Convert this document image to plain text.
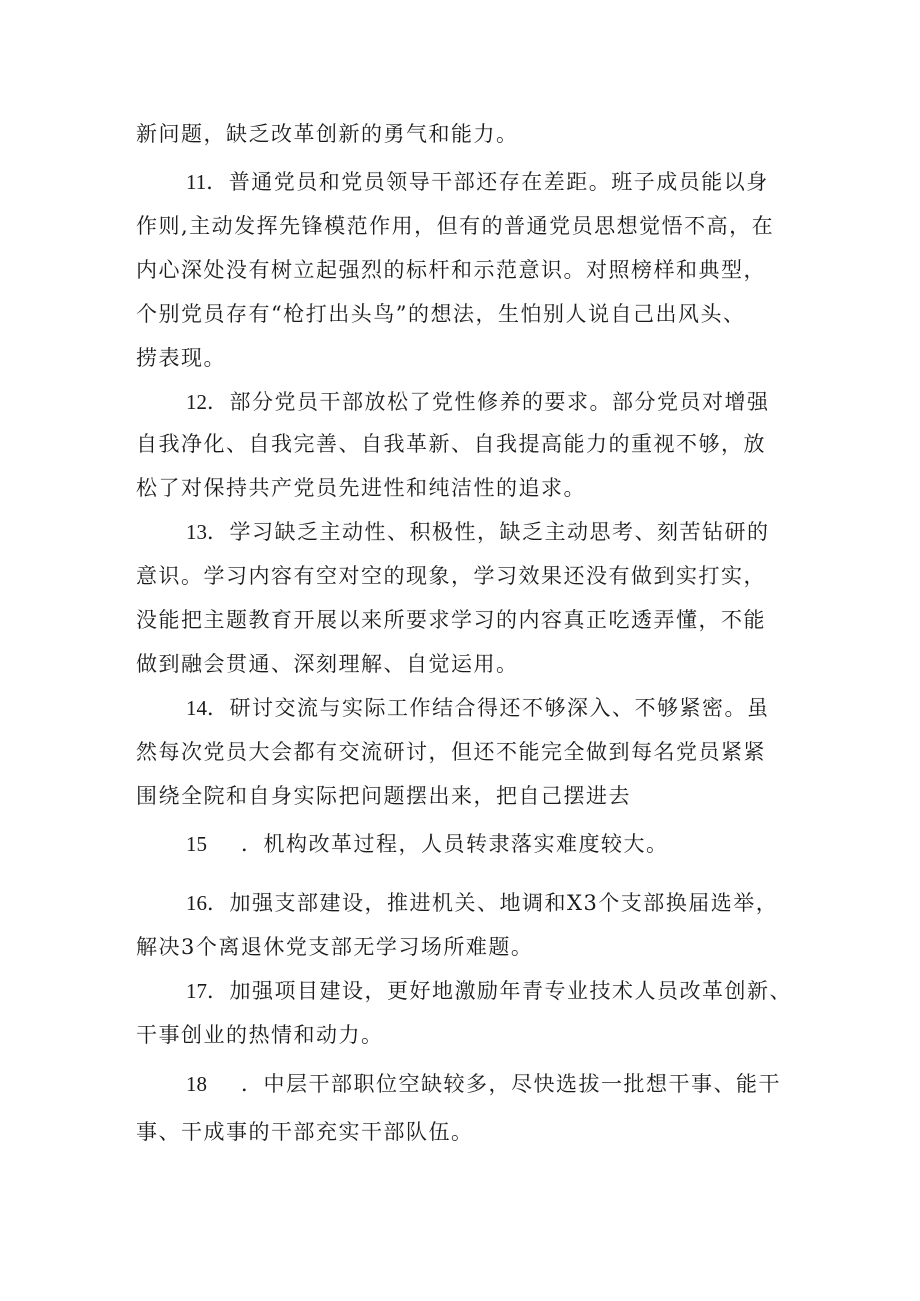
新问题，缺乏改革创新的勇气和能力。
11．普通党员和党员领导干部还存在差距。班子成员能以身
作则,主动发挥先锋模范作用，但有的普通党员思想觉悟不高，在
内心深处没有树立起强烈的标杆和示范意识。对照榜样和典型，
个别党员存有“枪打出头鸟”的想法，生怕别人说自己出风头、
捞表现。
12．部分党员干部放松了党性修养的要求。部分党员对增强
自我净化、自我完善、自我革新、自我提高能力的重视不够，放
松了对保持共产党员先进性和纯洁性的追求。
13．学习缺乏主动性、积极性，缺乏主动思考、刻苦钻研的
意识。学习内容有空对空的现象，学习效果还没有做到实打实，
没能把主题教育开展以来所要求学习的内容真正吃透弄懂，不能
做到融会贯通、深刻理解、自觉运用。
14．研讨交流与实际工作结合得还不够深入、不够紧密。虽
然每次党员大会都有交流研讨，但还不能完全做到每名党员紧紧
围绕全院和自身实际把问题摆出来，把自己摆进去
15 ．机构改革过程，人员转隶落实难度较大。
16．加强支部建设，推进机关、地调和X3个支部换届选举，
解决3个离退休党支部无学习场所难题。
17．加强项目建设，更好地激励年青专业技术人员改革创新、
干事创业的热情和动力。
18 ．中层干部职位空缺较多，尽快选拔一批想干事、能干
事、干成事的干部充实干部队伍。
